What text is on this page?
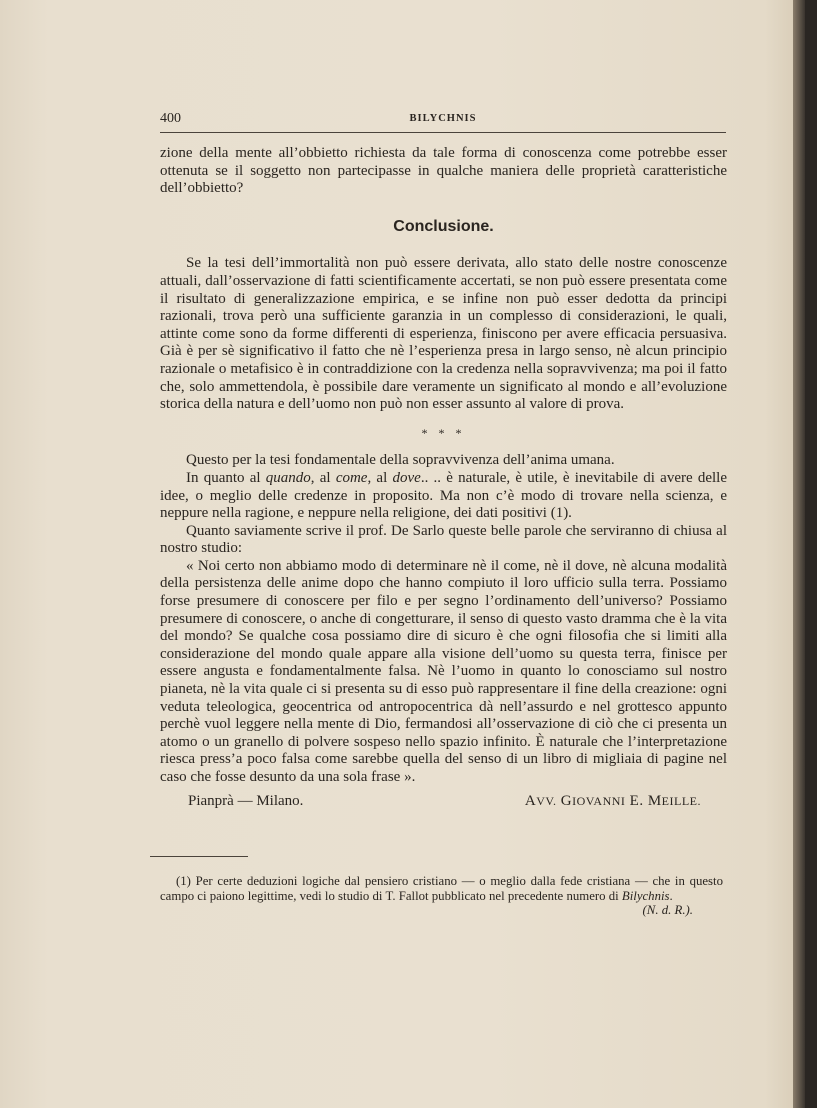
400	BILYCHNIS

zione della mente all’obbietto richiesta da tale forma di conoscenza come potrebbe esser ottenuta se il soggetto non partecipasse in qualche maniera delle proprietà caratteristiche dell’obbietto?

Conclusione.

Se la tesi dell’immortalità non può essere derivata, allo stato delle nostre conoscenze attuali, dall’osservazione di fatti scientificamente accertati, se non può essere presentata come il risultato di generalizzazione empirica, e se infine non può esser dedotta da principi razionali, trova però una sufficiente garanzia in un complesso di considerazioni, le quali, attinte come sono da forme differenti di esperienza, finiscono per avere efficacia persuasiva. Già è per sè significativo il fatto che nè l’esperienza presa in largo senso, nè alcun principio razionale o metafisico è in contraddizione con la credenza nella sopravvivenza; ma poi il fatto che, solo ammettendola, è possibile dare veramente un significato al mondo e all’evoluzione storica della natura e dell’uomo non può non esser assunto al valore di prova.

* * *

Questo per la tesi fondamentale della sopravvivenza dell’anima umana.

In quanto al quando, al come, al dove.. .. è naturale, è utile, è inevitabile di avere delle idee, o meglio delle credenze in proposito. Ma non c’è modo di trovare nella scienza, e neppure nella ragione, e neppure nella religione, dei dati positivi (1).

Quanto saviamente scrive il prof. De Sarlo queste belle parole che serviranno di chiusa al nostro studio:

« Noi certo non abbiamo modo di determinare nè il come, nè il dove, nè alcuna modalità della persistenza delle anime dopo che hanno compiuto il loro ufficio sulla terra. Possiamo forse presumere di conoscere per filo e per segno l’ordinamento dell’universo? Possiamo presumere di conoscere, o anche di congetturare, il senso di questo vasto dramma che è la vita del mondo? Se qualche cosa possiamo dire di sicuro è che ogni filosofia che si limiti alla considerazione del mondo quale appare alla visione dell’uomo su questa terra, finisce per essere angusta e fondamentalmente falsa. Nè l’uomo in quanto lo conosciamo sul nostro pianeta, nè la vita quale ci si presenta su di esso può rappresentare il fine della creazione: ogni veduta teleologica, geocentrica od antropocentrica dà nell’assurdo e nel grottesco appunto perchè vuol leggere nella mente di Dio, fermandosi all’osservazione di ciò che ci presenta un atomo o un granello di polvere sospeso nello spazio infinito. È naturale che l’interpretazione riesca press’a poco falsa come sarebbe quella del senso di un libro di migliaia di pagine nel caso che fosse desunto da una sola frase ».

Pianprà — Milano.	AVV. GIOVANNI E. MEILLE.

(1) Per certe deduzioni logiche dal pensiero cristiano — o meglio dalla fede cristiana — che in questo campo ci paiono legittime, vedi lo studio di T. Fallot pubblicato nel precedente numero di Bilychnis.
(N. d. R.).
